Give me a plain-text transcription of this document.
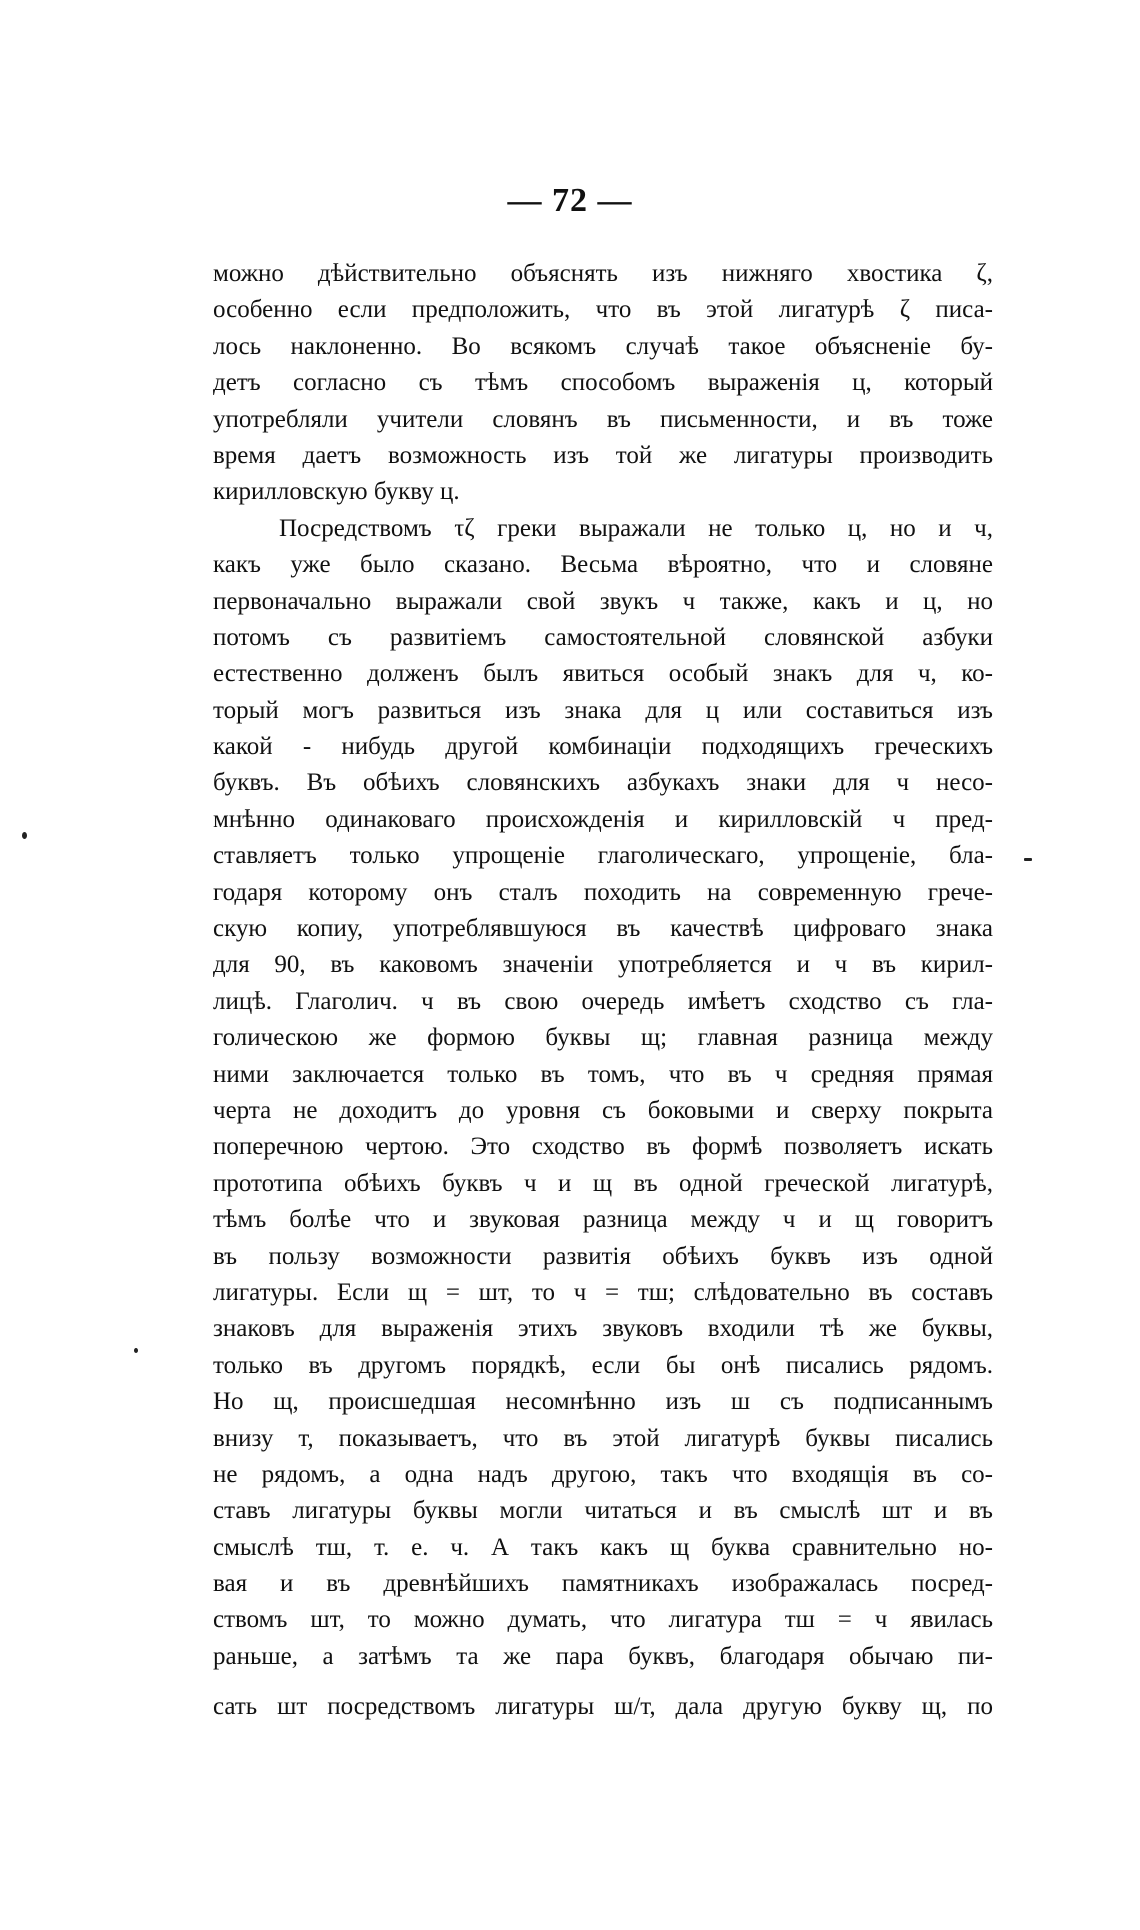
— 72 —
можно дѣйствительно объяснять изъ нижняго хвостика ζ,
особенно если предположить, что въ этой лигатурѣ ζ писа-
лось наклоненно. Во всякомъ случаѣ такое объясненіе бу-
детъ согласно съ тѣмъ способомъ выраженія ц, который
употребляли учители словянъ въ письменности, и въ тоже
время даетъ возможность изъ той же лигатуры производить
кирилловскую букву ц.
Посредствомъ τζ греки выражали не только ц, но и ч,
какъ уже было сказано. Весьма вѣроятно, что и словяне
первоначально выражали свой звукъ ч также, какъ и ц, но
потомъ съ развитіемъ самостоятельной словянской азбуки
естественно долженъ былъ явиться особый знакъ для ч, ко-
торый могъ развиться изъ знака для ц или составиться изъ
какой - нибудь другой комбинаціи подходящихъ греческихъ
буквъ. Въ обѣихъ словянскихъ азбукахъ знаки для ч несо-
мнѣнно одинаковаго происхожденія и кирилловскій ч пред-
ставляетъ только упрощеніе глаголическаго, упрощеніе, бла-
годаря которому онъ сталъ походить на современную грече-
скую копиу, употреблявшуюся въ качествѣ цифроваго знака
для 90, въ каковомъ значеніи употребляется и ч въ кирил-
лицѣ. Глаголич. ч въ свою очередь имѣетъ сходство съ гла-
голическою же формою буквы щ; главная разница между
ними заключается только въ томъ, что въ ч средняя прямая
черта не доходитъ до уровня съ боковыми и сверху покрыта
поперечною чертою. Это сходство въ формѣ позволяетъ искать
прототипа обѣихъ буквъ ч и щ въ одной греческой лигатурѣ,
тѣмъ болѣе что и звуковая разница между ч и щ говоритъ
въ пользу возможности развитія обѣихъ буквъ изъ одной
лигатуры. Если щ = шт, то ч = тш; слѣдовательно въ составъ
знаковъ для выраженія этихъ звуковъ входили тѣ же буквы,
только въ другомъ порядкѣ, если бы онѣ писались рядомъ.
Но щ, происшедшая несомнѣнно изъ ш съ подписаннымъ
внизу т, показываетъ, что въ этой лигатурѣ буквы писались
не рядомъ, а одна надъ другою, такъ что входящія въ со-
ставъ лигатуры буквы могли читаться и въ смыслѣ шт и въ
смыслѣ тш, т. е. ч. А такъ какъ щ буква сравнительно но-
вая и въ древнѣйшихъ памятникахъ изображалась посред-
ствомъ шт, то можно думать, что лигатура тш = ч явилась
раньше, а затѣмъ та же пара буквъ, благодаря обычаю пи-
сать шт посредствомъ лигатуры ш/т, дала другую букву щ, по
